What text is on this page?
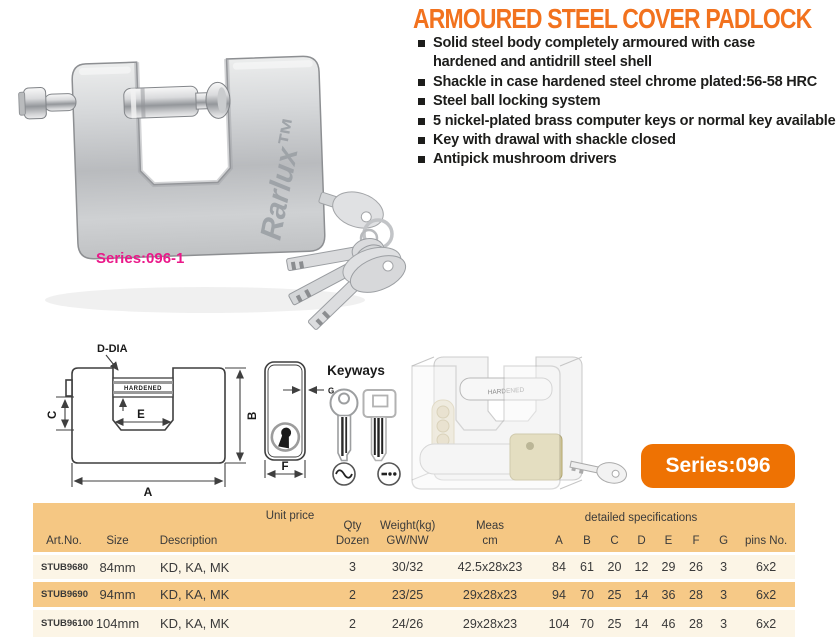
Rarlux™
Series:096-1
ARMOURED STEEL COVER PADLOCK
Solid steel body completely armoured with case
hardened and antidrill steel shell
Shackle in case hardened steel chrome plated:56-58 HRC
Steel ball locking system
5 nickel-plated brass computer keys or normal key available
Key with drawal with shackle closed
Antipick mushroom drivers
D-DIA
HARDENED
C	E	B
A
G
F
Keyways
HARDENED
Series:096
Art.No.	Size	Description	Unit price	
Qty
Dozen

Weight(kg)
GW/NW

Meas
cm
	detailed specifications	pins No.
							A	B	C	D	E	F	G	
STUB9680	84mm	KD, KA, MK		3	30/32	42.5x28x23	84	61	20	12	29	26	3	6x2
STUB9690	94mm	KD, KA, MK		2	23/25	29x28x23	94	70	25	14	36	28	3	6x2
STUB96100	104mm	KD, KA, MK		2	24/26	29x28x23	104	70	25	14	46	28	3	6x2
